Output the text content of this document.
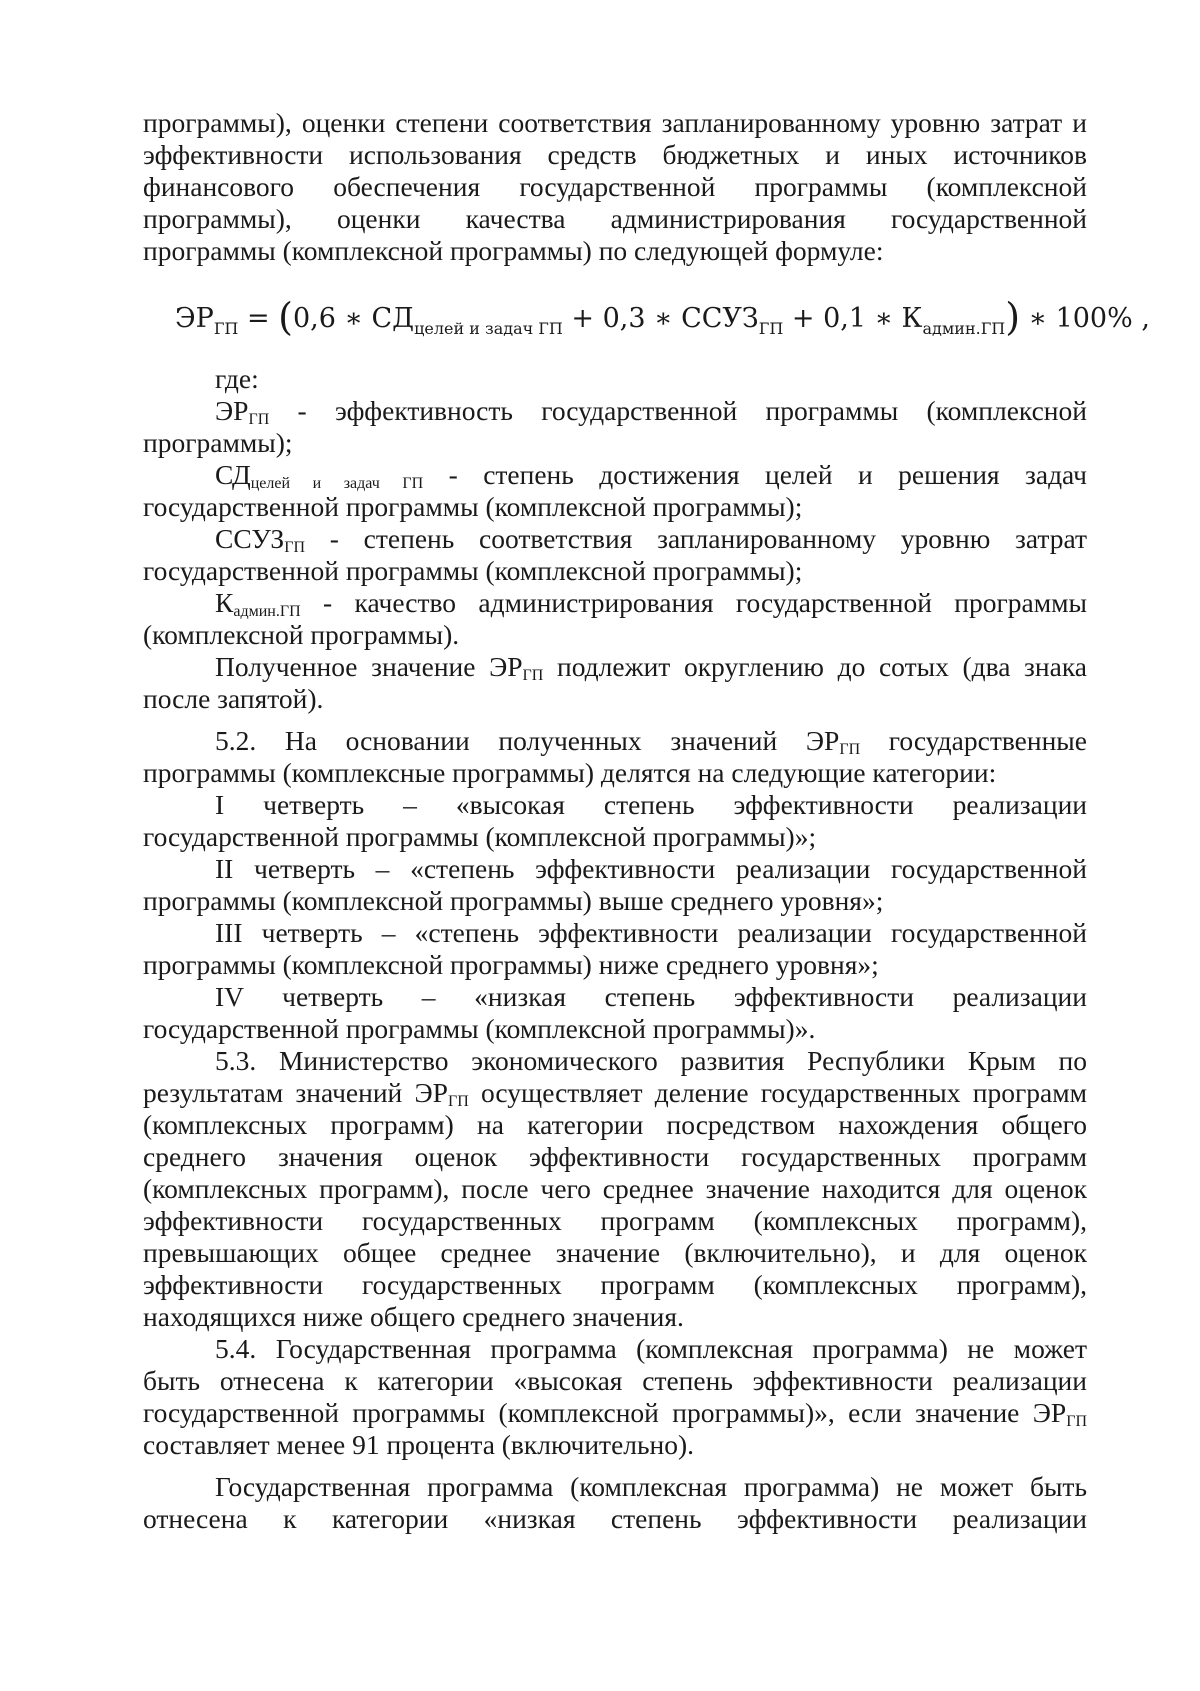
программы), оценки степени соответствия запланированному уровню затрат и

эффективности использования средств бюджетных и иных источников

финансового обеспечения государственной программы (комплексной

программы), оценки качества администрирования государственной

программы (комплексной программы) по следующей формуле:

$ЭР_{ГП} = (0,6$ ∗ $СД_{целей и задач ГП} + 0,3$ ∗ $ССУЗ_{ГП} + 0,1$ ∗ $К_{админ.ГП}$) ∗ 100% ,

где:

$ЭР_{ГП}$ - эффективность государственной программы (комплексной

программы);

$СД_{целей и задач ГП}$ - степень достижения целей и решения задач

государственной программы (комплексной программы);

$ССУЗ_{ГП}$ - степень соответствия запланированному уровню затрат

государственной программы (комплексной программы);

$К_{админ.ГП}$ - качество администрирования государственной программы

(комплексной программы).

Полученное значение $ЭР_{ГП}$ подлежит округлению до сотых (два знака

после запятой).

5.2. На основании полученных значений $ЭР_{ГП}$ государственные

программы (комплексные программы) делятся на следующие категории:

I четверть – «высокая степень эффективности реализации

государственной программы (комплексной программы)»;

II четверть – «степень эффективности реализации государственной

программы (комплексной программы) выше среднего уровня»;

III четверть – «степень эффективности реализации государственной

программы (комплексной программы) ниже среднего уровня»;

IV четверть – «низкая степень эффективности реализации

государственной программы (комплексной программы)».

5.3. Министерство экономического развития Республики Крым по

результатам значений $ЭР_{ГП}$ осуществляет деление государственных программ

(комплексных программ) на категории посредством нахождения общего

среднего значения оценок эффективности государственных программ

(комплексных программ), после чего среднее значение находится для оценок

эффективности государственных программ (комплексных программ),

превышающих общее среднее значение (включительно), и для оценок

эффективности государственных программ (комплексных программ),

находящихся ниже общего среднего значения.

5.4. Государственная программа (комплексная программа) не может

быть отнесена к категории «высокая степень эффективности реализации

государственной программы (комплексной программы)», если значение $ЭР_{ГП}$

составляет менее 91 процента (включительно).

Государственная программа (комплексная программа) не может быть

отнесена к категории «низкая степень эффективности реализации
